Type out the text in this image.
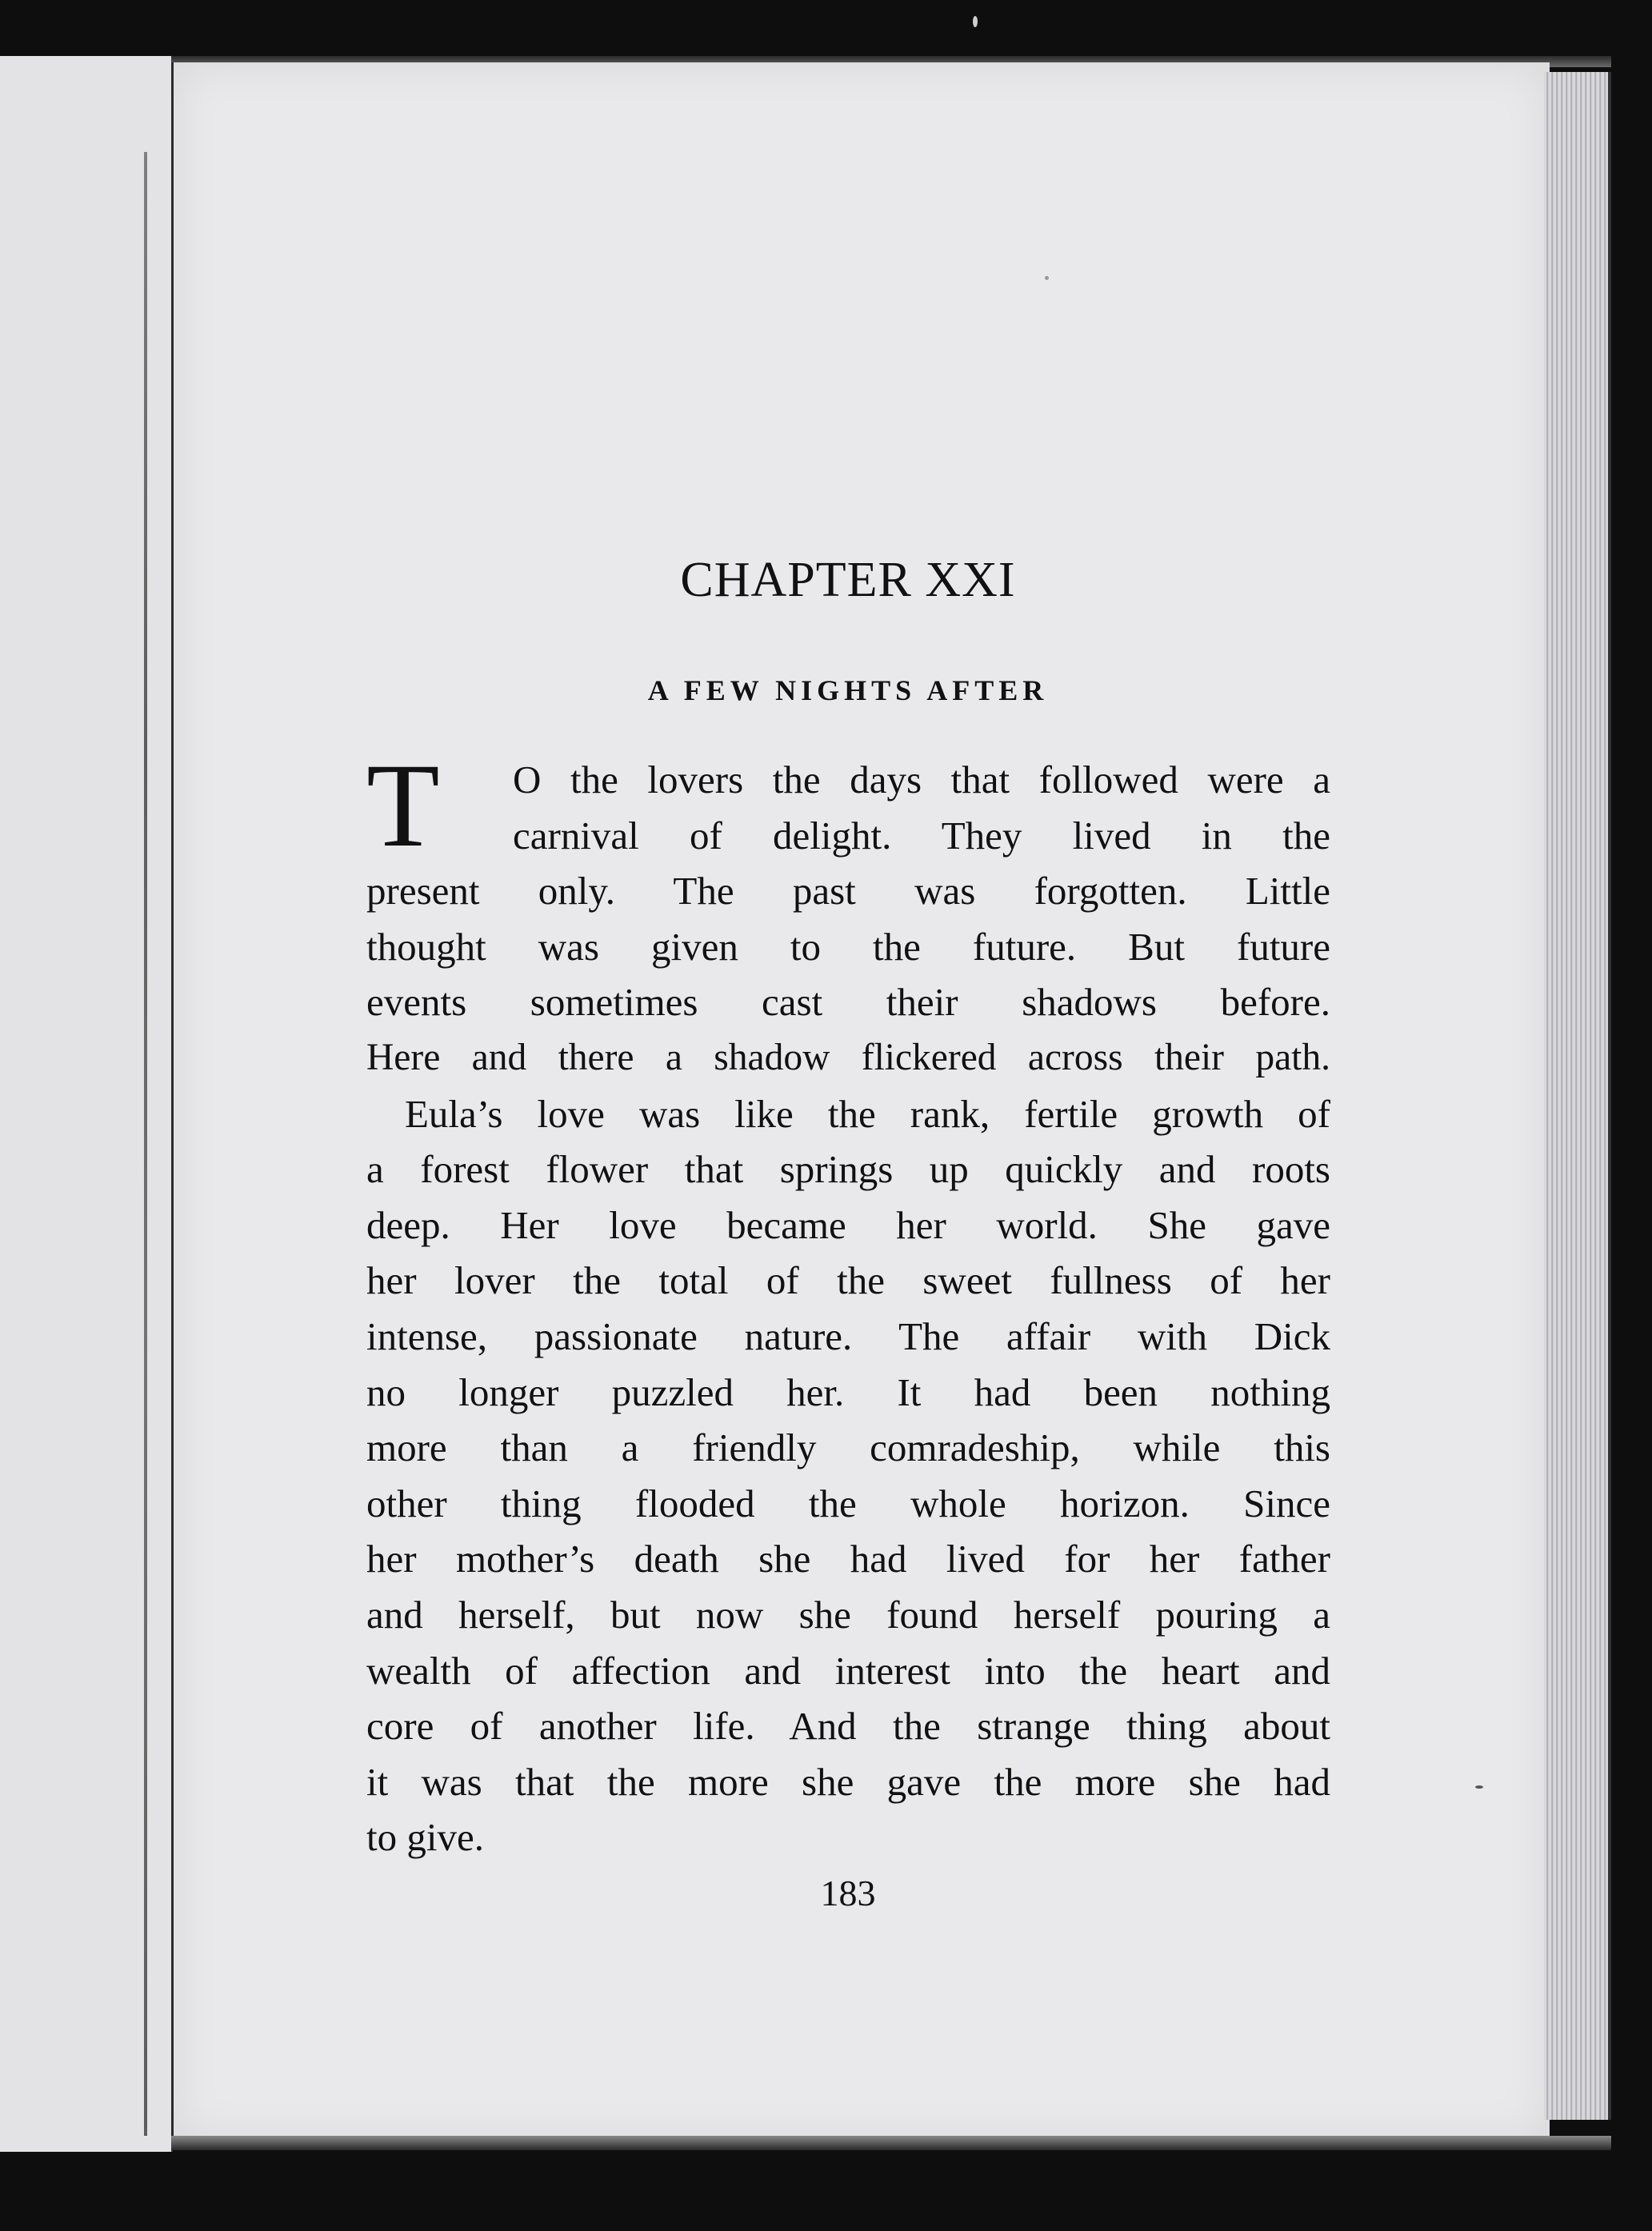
CHAPTER XXI
A FEW NIGHTS AFTER
T	O the lovers the days that followed were a
carnival of delight. They lived in the
present only. The past was forgotten. Little
thought was given to the future. But future
events sometimes cast their shadows before.
Here and there a shadow flickered across their path.
Eula’s love was like the rank, fertile growth of
a forest flower that springs up quickly and roots
deep. Her love became her world. She gave
her lover the total of the sweet fullness of her
intense, passionate nature. The affair with Dick
no longer puzzled her. It had been nothing
more than a friendly comradeship, while this
other thing flooded the whole horizon. Since
her mother’s death she had lived for her father
and herself, but now she found herself pouring a
wealth of affection and interest into the heart and
core of another life. And the strange thing about
it was that the more she gave the more she had
to give.
183
